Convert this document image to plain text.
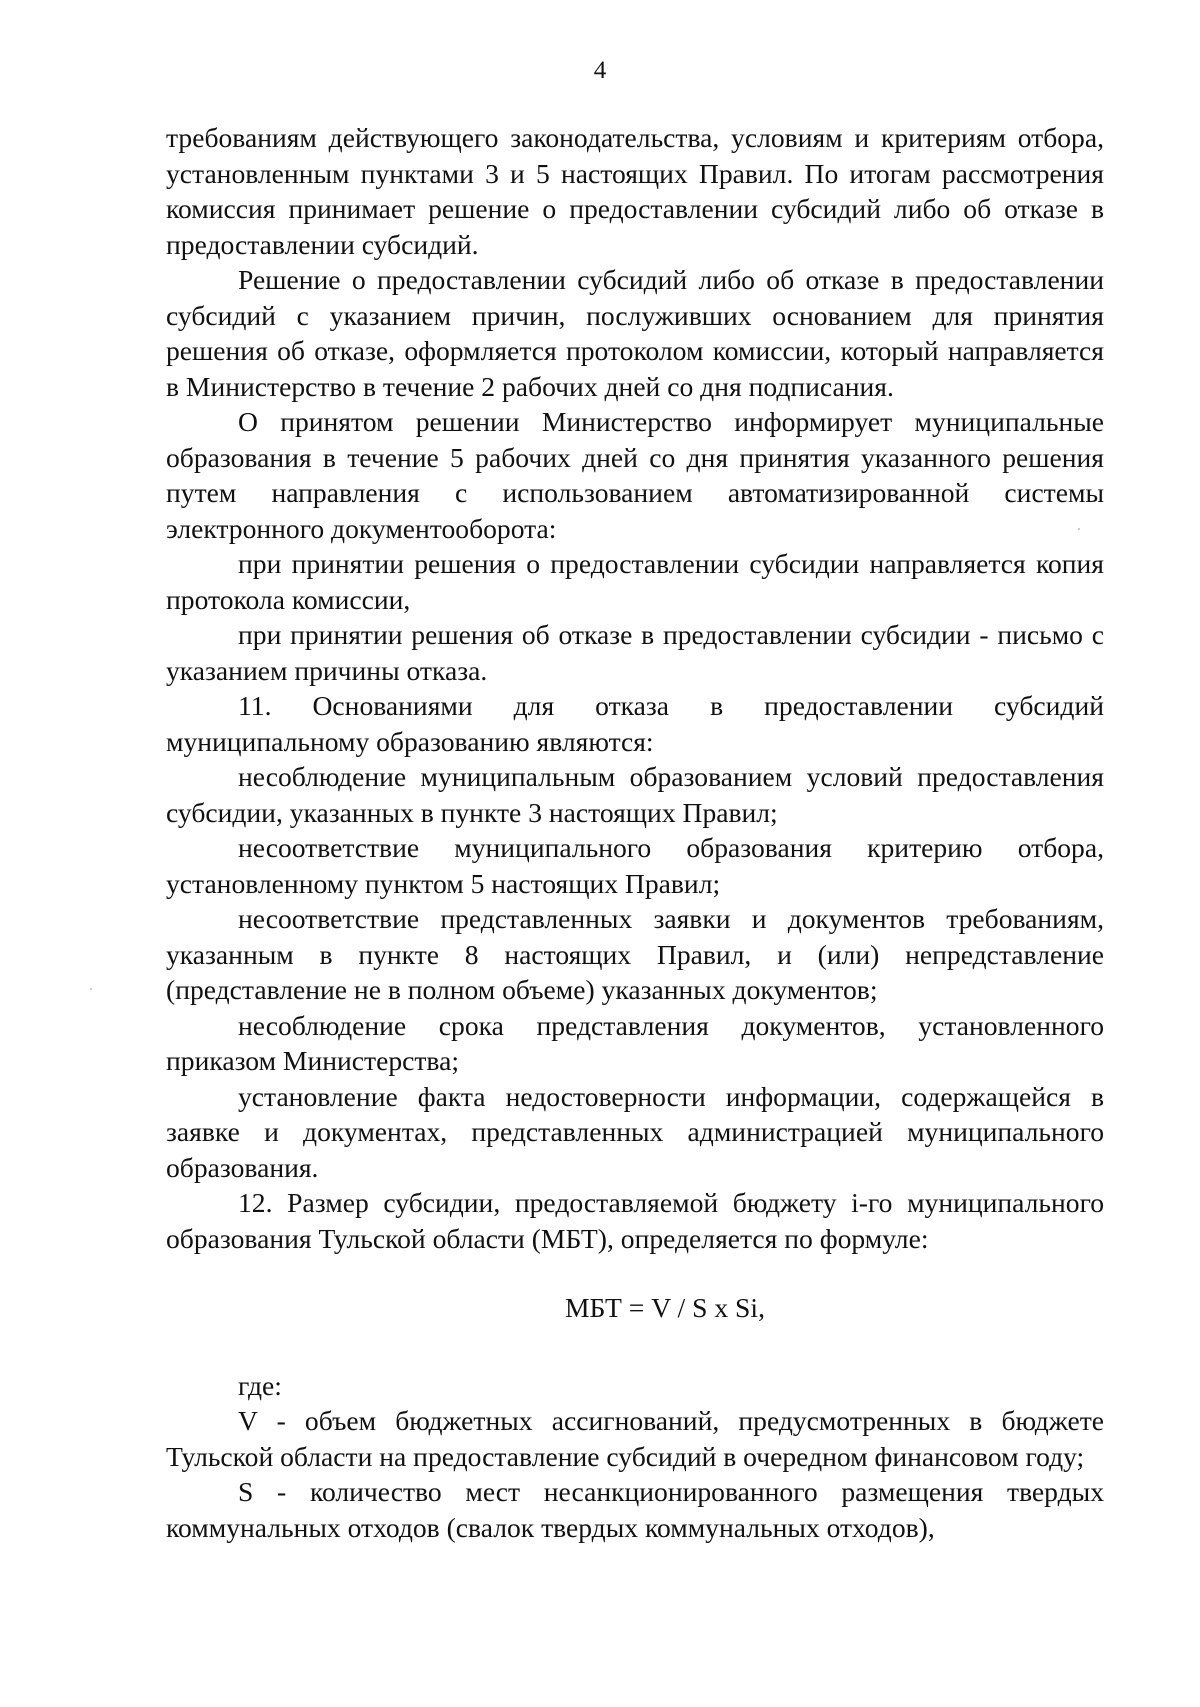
4

требованиям действующего законодательства, условиям и критериям отбора, установленным пунктами 3 и 5 настоящих Правил. По итогам рассмотрения комиссия принимает решение о предоставлении субсидий либо об отказе в предоставлении субсидий.

Решение о предоставлении субсидий либо об отказе в предоставлении субсидий с указанием причин, послуживших основанием для принятия решения об отказе, оформляется протоколом комиссии, который направляется в Министерство в течение 2 рабочих дней со дня подписания.

О принятом решении Министерство информирует муниципальные образования в течение 5 рабочих дней со дня принятия указанного решения путем направления с использованием автоматизированной системы электронного документооборота:

при принятии решения о предоставлении субсидии направляется копия протокола комиссии,

при принятии решения об отказе в предоставлении субсидии - письмо с указанием причины отказа.

11. Основаниями для отказа в предоставлении субсидий муниципальному образованию являются:

несоблюдение муниципальным образованием условий предоставления субсидии, указанных в пункте 3 настоящих Правил;

несоответствие муниципального образования критерию отбора, установленному пунктом 5 настоящих Правил;

несоответствие представленных заявки и документов требованиям, указанным в пункте 8 настоящих Правил, и (или) непредставление (представление не в полном объеме) указанных документов;

несоблюдение срока представления документов, установленного приказом Министерства;

установление факта недостоверности информации, содержащейся в заявке и документах, представленных администрацией муниципального образования.

12. Размер субсидии, предоставляемой бюджету i-го муниципального образования Тульской области (МБТ), определяется по формуле:

МБТ = V / S x Si,

где:

V - объем бюджетных ассигнований, предусмотренных в бюджете Тульской области на предоставление субсидий в очередном финансовом году;

S - количество мест несанкционированного размещения твердых коммунальных отходов (свалок твердых коммунальных отходов),
